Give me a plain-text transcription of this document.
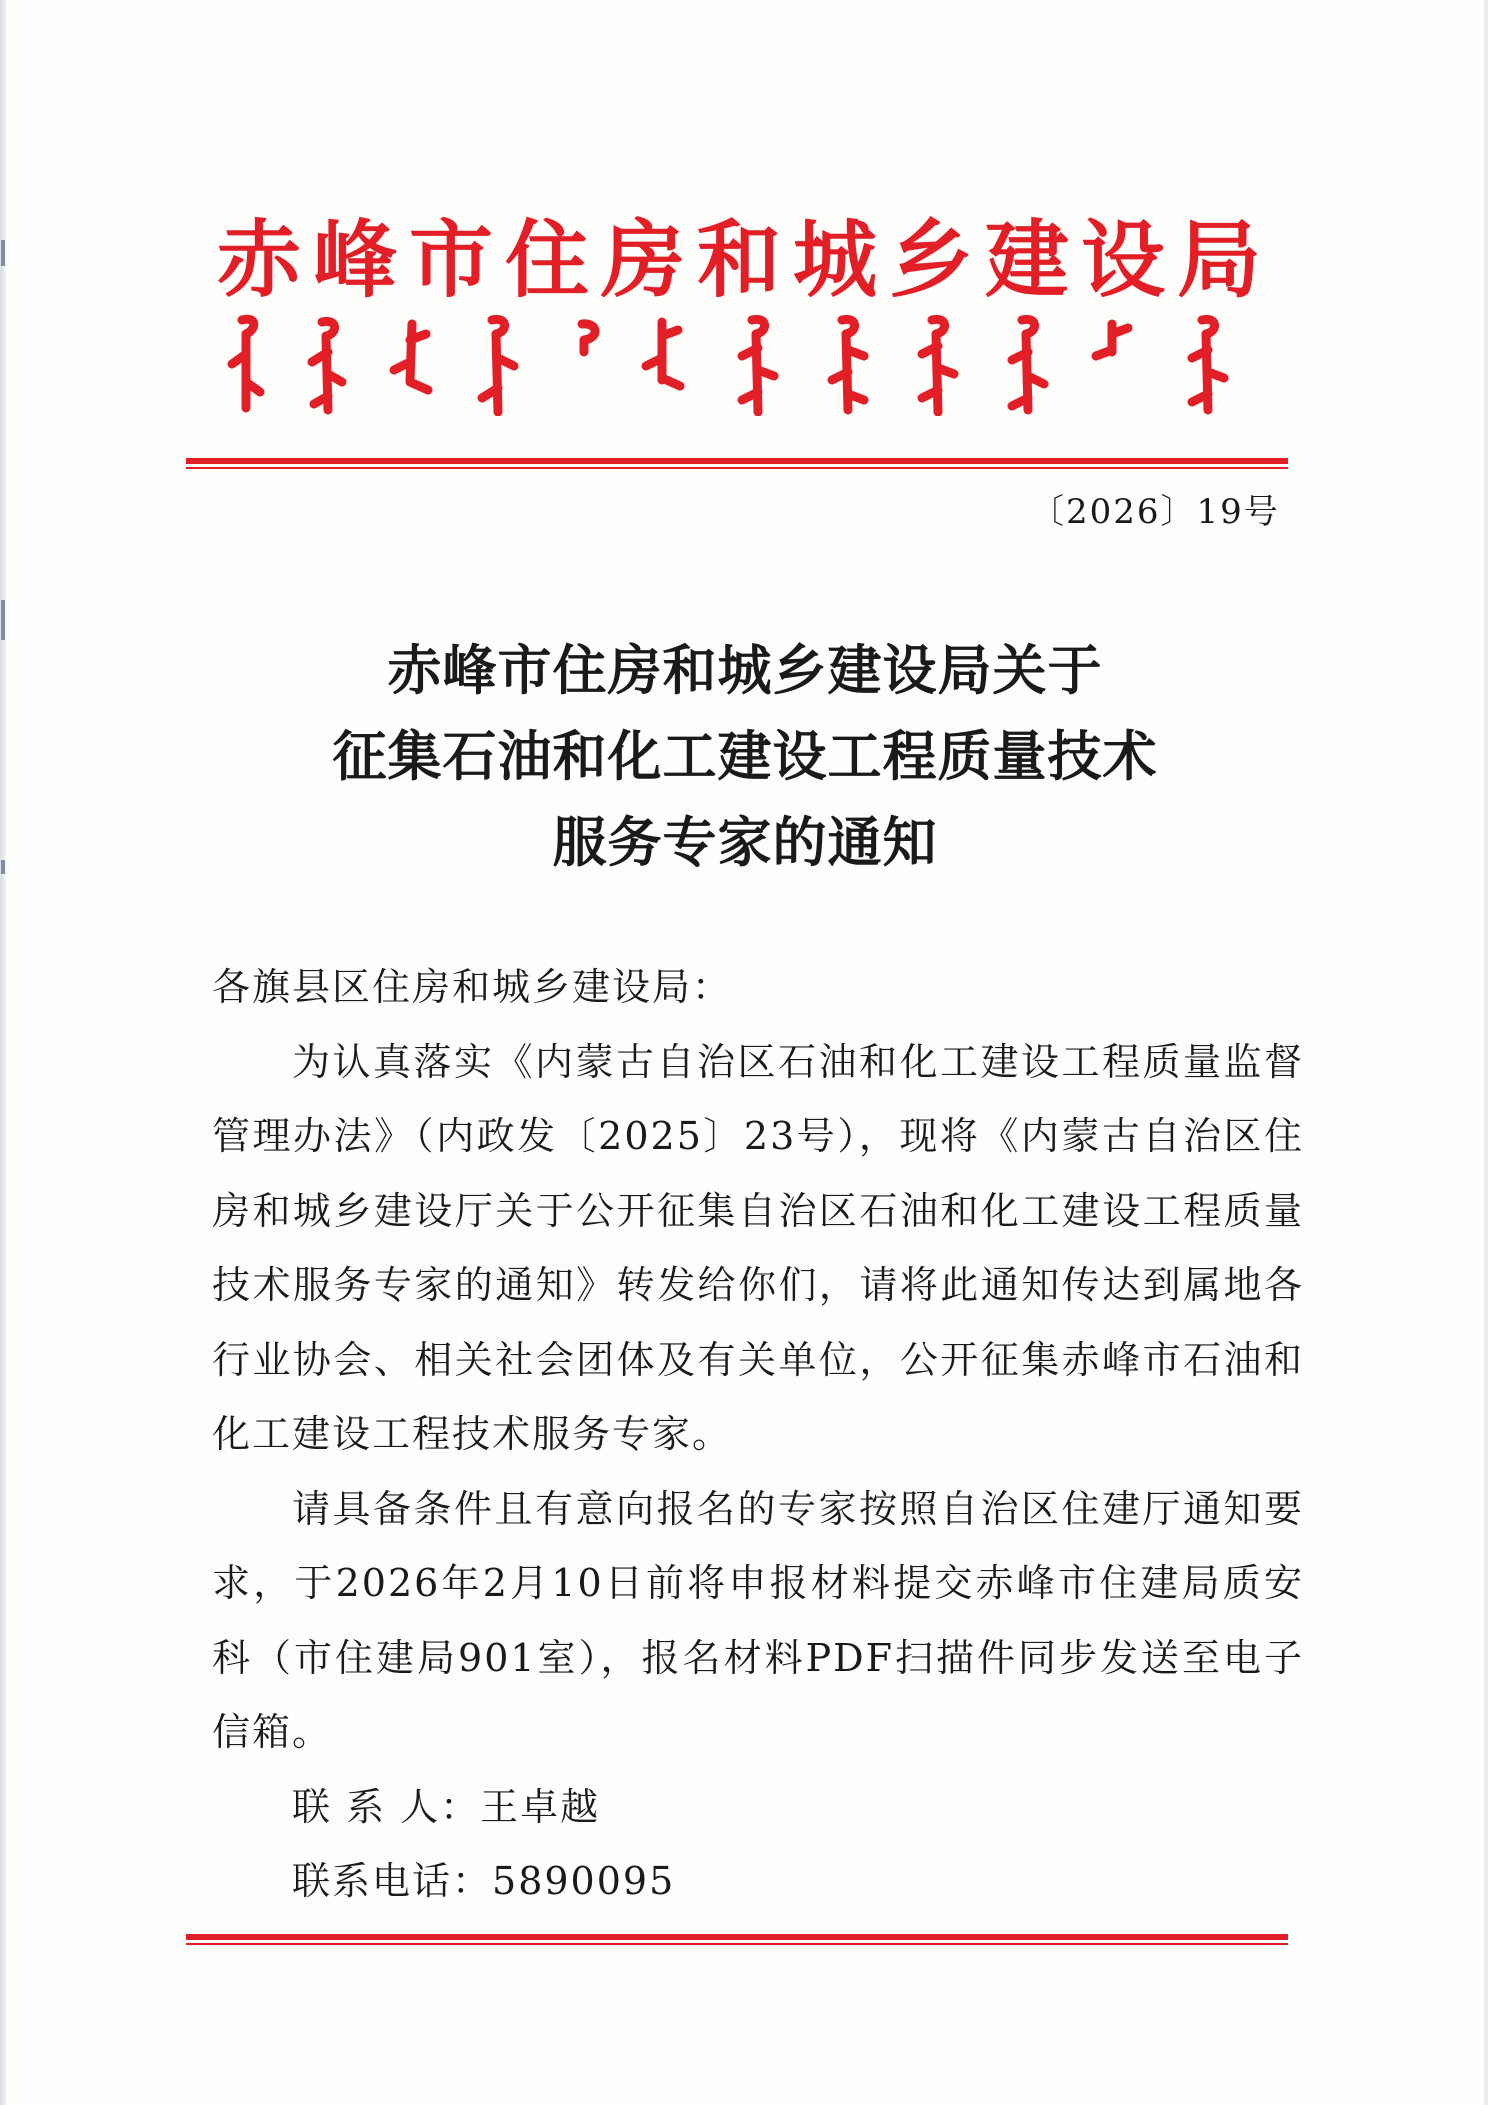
赤峰市住房和城乡建设局
〔2026〕19号
赤峰市住房和城乡建设局关于
征集石油和化工建设工程质量技术
服务专家的通知

各旗县区住房和城乡建设局：

为认真落实《内蒙古自治区石油和化工建设工程质量监督管理办法》（内政发〔2025〕23号），现将《内蒙古自治区住房和城乡建设厅关于公开征集自治区石油和化工建设工程质量技术服务专家的通知》转发给你们，请将此通知传达到属地各行业协会、相关社会团体及有关单位，公开征集赤峰市石油和化工建设工程技术服务专家。

请具备条件且有意向报名的专家按照自治区住建厅通知要求，于2026年2月10日前将申报材料提交赤峰市住建局质安科（市住建局901室），报名材料PDF扫描件同步发送至电子信箱。

联 系 人：王卓越

联系电话：5890095
